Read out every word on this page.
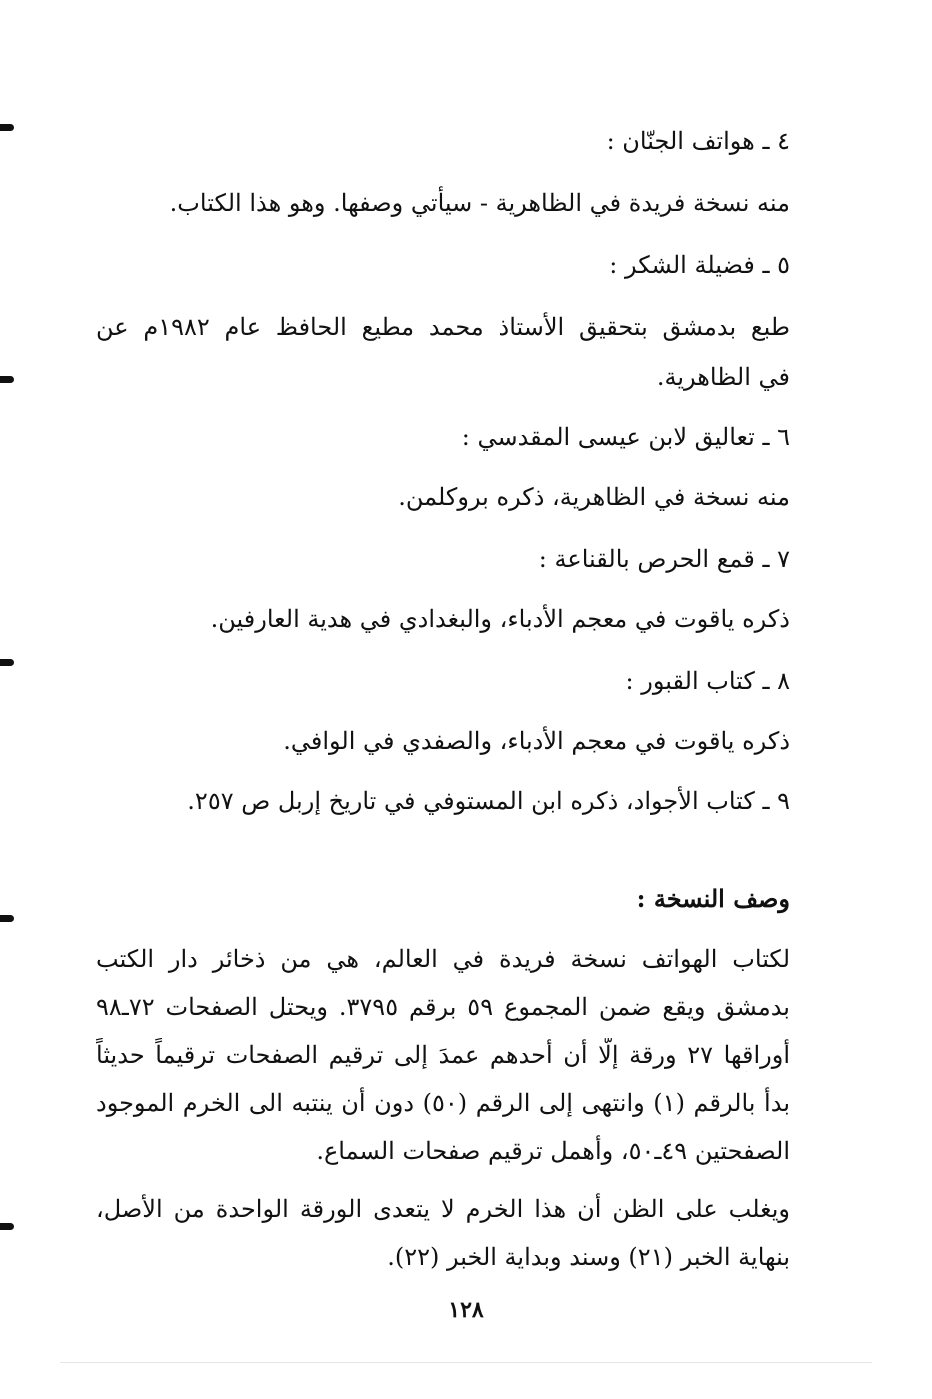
٤ ـ هواتف الجنّان :
منه نسخة فريدة في الظاهرية - سيأتي وصفها. وهو هذا الكتاب.
٥ ـ فضيلة الشكر :
طبع بدمشق بتحقيق الأستاذ محمد مطيع الحافظ عام ١٩٨٢م عن
في الظاهرية.
٦ ـ تعاليق لابن عيسى المقدسي :
منه نسخة في الظاهرية، ذكره بروكلمن.
٧ ـ قمع الحرص بالقناعة :
ذكره ياقوت في معجم الأدباء، والبغدادي في هدية العارفين.
٨ ـ كتاب القبور :
ذكره ياقوت في معجم الأدباء، والصفدي في الوافي.
٩ ـ كتاب الأجواد، ذكره ابن المستوفي في تاريخ إربل ص ٢٥٧.
وصف النسخة :
لكتاب الهواتف نسخة فريدة في العالم، هي من ذخائر دار الكتب
بدمشق ويقع ضمن المجموع ٥٩ برقم ٣٧٩٥. ويحتل الصفحات ٧٢ـ٩٨
أوراقها ٢٧ ورقة إلّا أن أحدهم عمدَ إلى ترقيم الصفحات ترقيماً حديثاً
بدأ بالرقم (١) وانتهى إلى الرقم (٥٠) دون أن ينتبه الى الخرم الموجود
الصفحتين ٤٩ـ٥٠، وأهمل ترقيم صفحات السماع.
ويغلب على الظن أن هذا الخرم لا يتعدى الورقة الواحدة من الأصل،
بنهاية الخبر (٢١) وسند وبداية الخبر (٢٢).
١٢٨
